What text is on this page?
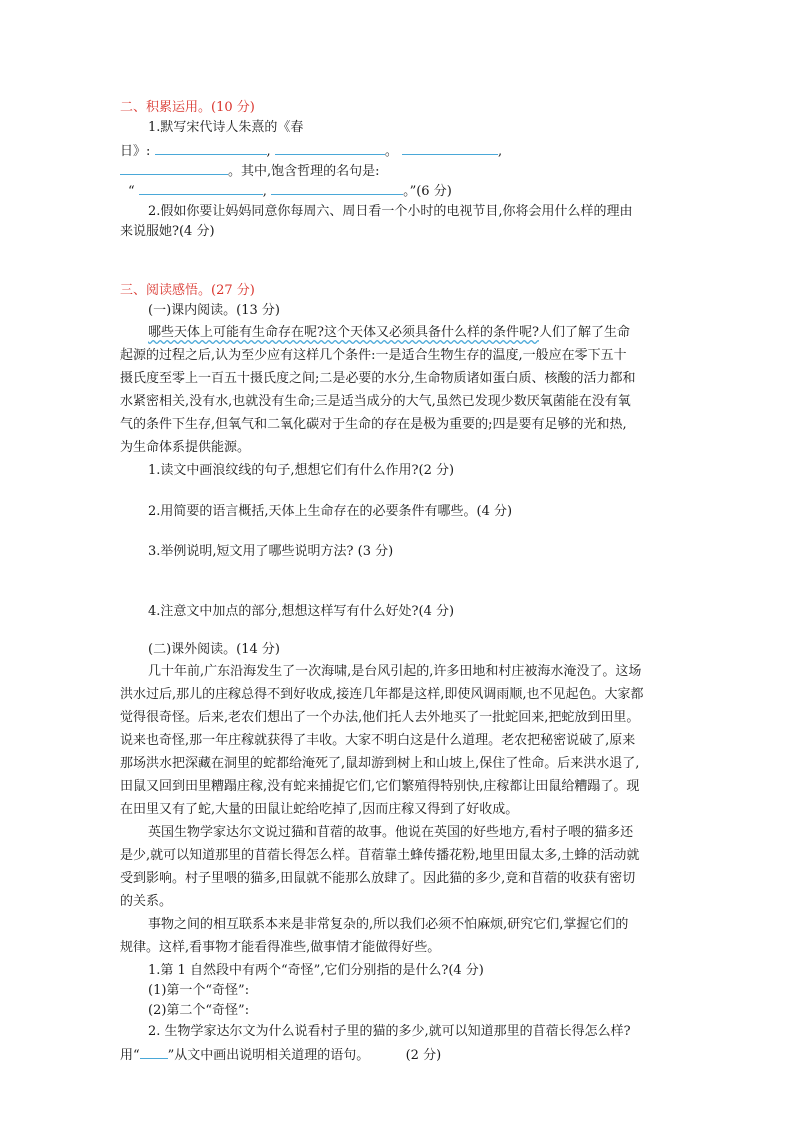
二、积累运用。(10 分)
1.默写宋代诗人朱熹的《春
日》:	,	。	,
。其中,饱含哲理的名句是:
“	,	。”(6 分)
2.假如你要让妈妈同意你每周六、周日看一个小时的电视节目,你将会用什么样的理由
来说服她?(4 分)
三、阅读感悟。(27 分)
(一)课内阅读。(13 分)
哪些天体上可能有生命存在呢?这个天体又必须具备什么样的条件呢?人们了解了生命
起源的过程之后,认为至少应有这样几个条件:一是适合生物生存的温度,一般应在零下五十
摄氏度至零上一百五十摄氏度之间;二是必要的水分,生命物质诸如蛋白质、核酸的活力都和
水紧密相关,没有水,也就没有生命;三是适当成分的大气,虽然已发现少数厌氧菌能在没有氧
气的条件下生存,但氧气和二氧化碳对于生命的存在是极为重要的;四是要有足够的光和热,
为生命体系提供能源。
1.读文中画浪纹线的句子,想想它们有什么作用?(2 分)
2.用简要的语言概括,天体上生命存在的必要条件有哪些。(4 分)
3.举例说明,短文用了哪些说明方法? (3 分)
4.注意文中加点的部分,想想这样写有什么好处?(4 分)
(二)课外阅读。(14 分)
几十年前,广东沿海发生了一次海啸,是台风引起的,许多田地和村庄被海水淹没了。这场
洪水过后,那儿的庄稼总得不到好收成,接连几年都是这样,即使风调雨顺,也不见起色。大家都
觉得很奇怪。后来,老农们想出了一个办法,他们托人去外地买了一批蛇回来,把蛇放到田里。
说来也奇怪,那一年庄稼就获得了丰收。大家不明白这是什么道理。老农把秘密说破了,原来
那场洪水把深藏在洞里的蛇都给淹死了,鼠却游到树上和山坡上,保住了性命。后来洪水退了,
田鼠又回到田里糟蹋庄稼,没有蛇来捕捉它们,它们繁殖得特别快,庄稼都让田鼠给糟蹋了。现
在田里又有了蛇,大量的田鼠让蛇给吃掉了,因而庄稼又得到了好收成。
英国生物学家达尔文说过猫和苜蓿的故事。他说在英国的好些地方,看村子喂的猫多还
是少,就可以知道那里的苜蓿长得怎么样。苜蓿靠土蜂传播花粉,地里田鼠太多,土蜂的活动就
受到影响。村子里喂的猫多,田鼠就不能那么放肆了。因此猫的多少,竟和苜蓿的收获有密切
的关系。
事物之间的相互联系本来是非常复杂的,所以我们必须不怕麻烦,研究它们,掌握它们的
规律。这样,看事物才能看得准些,做事情才能做得好些。
1.第 1 自然段中有两个“奇怪”,它们分别指的是什么?(4 分)
(1)第一个“奇怪”:
(2)第二个“奇怪”:
2. 生物学家达尔文为什么说看村子里的猫的多少,就可以知道那里的苜蓿长得怎么样?
用“ ”从文中画出说明相关道理的语句。	(2 分)
